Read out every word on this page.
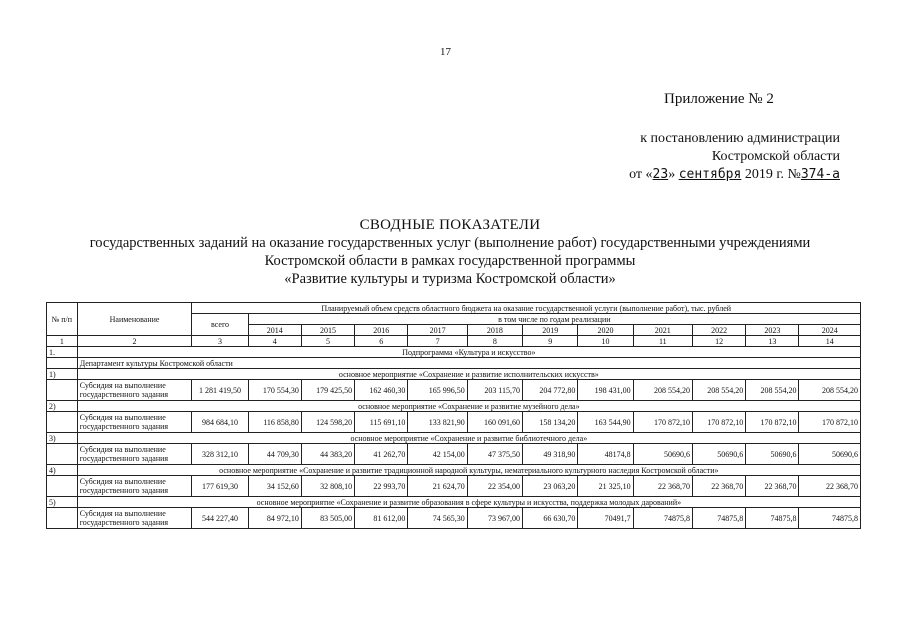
17
Приложение № 2
к постановлению администрации
Костромской области
от «23» сентября 2019 г. №374-а
СВОДНЫЕ ПОКАЗАТЕЛИ
государственных заданий на оказание государственных услуг (выполнение работ) государственными учреждениями
Костромской области в рамках государственной программы
«Развитие культуры и туризма Костромской области»
№ п/п	Наименование	Планируемый объем средств областного бюджета на оказание государственной услуги (выполнение работ), тыс. рублей											
		всего	в том числе по годам реализации										
			2014	2015	2016	2017	2018	2019	2020	2021	2022	2023	2024
1	2	3	4	5	6	7	8	9	10	11	12	13	14
1.	Подпрограмма «Культура и искусство»												
	Департамент культуры Костромской области												
1)	основное мероприятие «Сохранение и развитие исполнительских искусств»												
	Субсидия на выполнение государственного задания	1 281 419,50	170 554,30	179 425,50	162 460,30	165 996,50	203 115,70	204 772,80	198 431,00	208 554,20	208 554,20	208 554,20	208 554,20
2)	основное мероприятие «Сохранение и развитие музейного дела»												
	Субсидия на выполнение государственного задания	984 684,10	116 858,80	124 598,20	115 691,10	133 821,90	160 091,60	158 134,20	163 544,90	170 872,10	170 872,10	170 872,10	170 872,10
3)	основное мероприятие «Сохранение и развитие библиотечного дела»												
	Субсидия на выполнение государственного задания	328 312,10	44 709,30	44 383,20	41 262,70	42 154,00	47 375,50	49 318,90	48174,8	50690,6	50690,6	50690,6	50690,6
4)	основное мероприятие «Сохранение и развитие традиционной народной культуры, нематериального культурного наследия Костромской области»												
	Субсидия на выполнение государственного задания	177 619,30	34 152,60	32 808,10	22 993,70	21 624,70	22 354,00	23 063,20	21 325,10	22 368,70	22 368,70	22 368,70	22 368,70
5)	основное мероприятие «Сохранение и развитие образования в сфере культуры и искусства, поддержка молодых дарований»												
	Субсидия на выполнение государственного задания	544 227,40	84 972,10	83 505,00	81 612,00	74 565,30	73 967,00	66 630,70	70491,7	74875,8	74875,8	74875,8	74875,8
